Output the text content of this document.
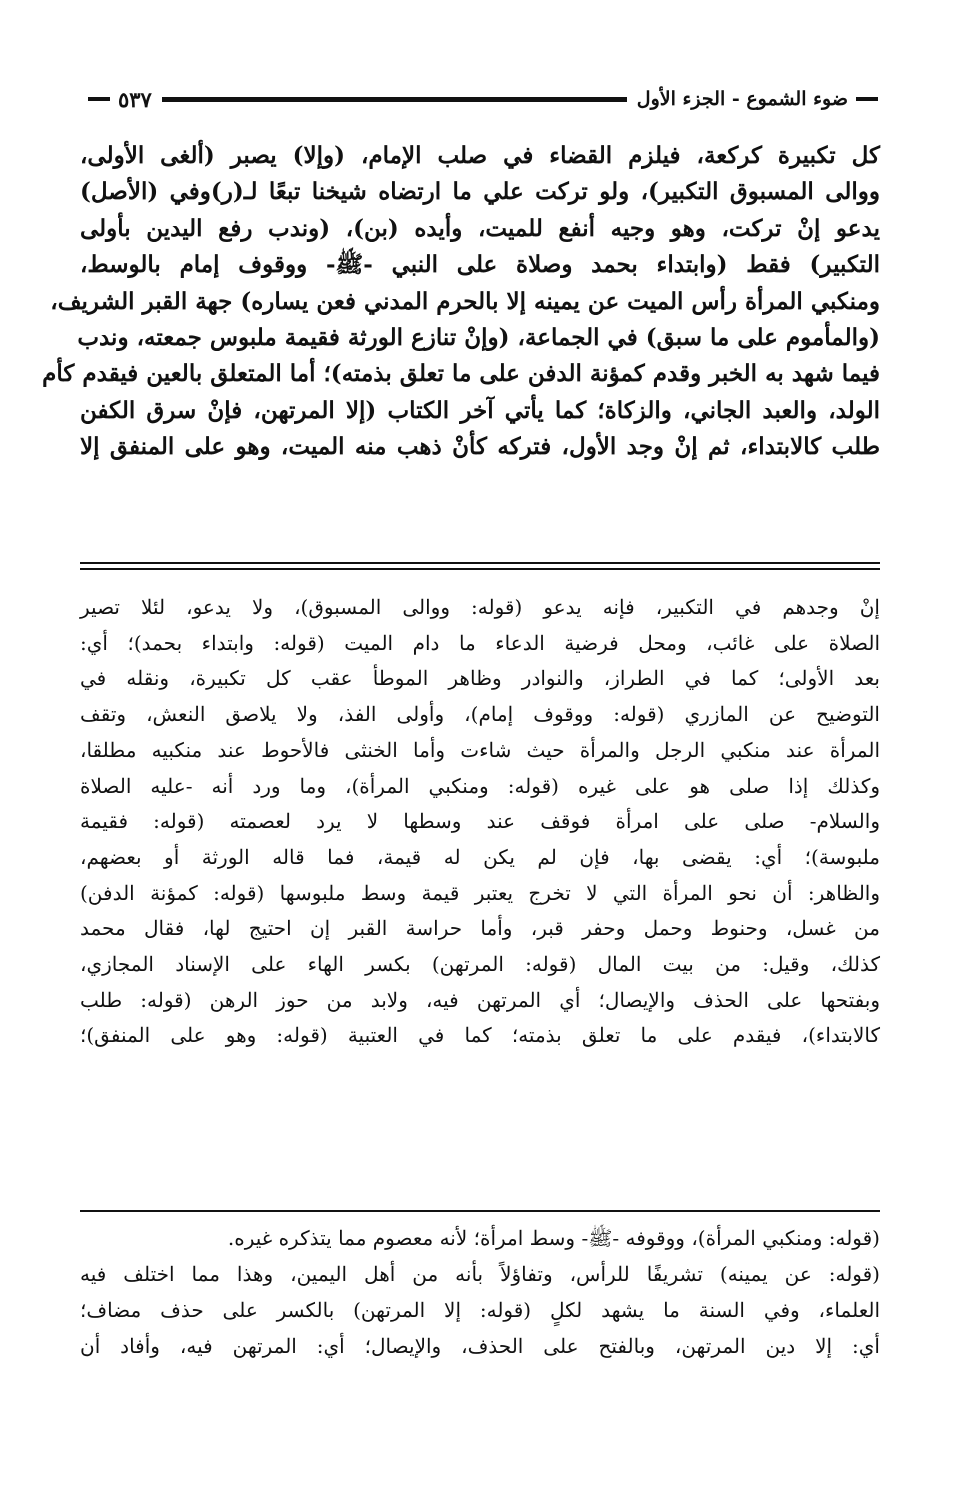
ضوء الشموع - الجزء الأول
٥٣٧
كل تكبيرة كركعة، فيلزم القضاء في صلب الإمام، (وإلا) يصبر (ألغى الأولى،
ووالى المسبوق التكبير)، ولو تركت علي ما ارتضاه شيخنا تبعًا لـ(ر)وفي (الأصل)
يدعو إنْ تركت، وهو وجيه أنفع للميت، وأيده (بن)، (وندب رفع اليدين بأولى
التكبير) فقط (وابتداء بحمد وصلاة على النبي -ﷺ- ووقوف إمام بالوسط،
ومنكبي المرأة رأس الميت عن يمينه إلا بالحرم المدني فعن يساره) جهة القبر الشريف،
(والمأموم على ما سبق) في الجماعة، (وإنْ تنازع الورثة فقيمة ملبوس جمعته، وندب
فيما شهد به الخبر وقدم كمؤنة الدفن على ما تعلق بذمته)؛ أما المتعلق بالعين فيقدم كأم
الولد، والعبد الجاني، والزكاة؛ كما يأتي آخر الكتاب (إلا المرتهن، فإنْ سرق الكفن
طلب كالابتداء، ثم إنْ وجد الأول، فتركه كأنْ ذهب منه الميت، وهو على المنفق إلا
إنْ وجدهم في التكبير، فإنه يدعو (قوله: ووالى المسبوق)، ولا يدعو، لئلا تصير
الصلاة على غائب، ومحل فرضية الدعاء ما دام الميت (قوله: وابتداء بحمد)؛ أي:
بعد الأولى؛ كما في الطراز، والنوادر وظاهر الموطأ عقب كل تكبيرة، ونقله في
التوضيح عن المازري (قوله: ووقوف إمام)، وأولى الفذ، ولا يلاصق النعش، وتقف
المرأة عند منكبي الرجل والمرأة حيث شاءت وأما الخنثى فالأحوط عند منكبيه مطلقا،
وكذلك إذا صلى هو على غيره (قوله: ومنكبي المرأة)، وما ورد أنه -عليه الصلاة
والسلام- صلى على امرأة فوقف عند وسطها لا يرد لعصمته (قوله: فقيمة
ملبوسة)؛ أي: يقضى بها، فإن لم يكن له قيمة، فما قاله الورثة أو بعضهم،
والظاهر: أن نحو المرأة التي لا تخرج يعتبر قيمة وسط ملبوسها (قوله: كمؤنة الدفن)
من غسل، وحنوط وحمل وحفر قبر، وأما حراسة القبر إن احتيج لها، فقال محمد
كذلك، وقيل: من بيت المال (قوله: المرتهن) بكسر الهاء على الإسناد المجازي،
وبفتحها على الحذف والإيصال؛ أي المرتهن فيه، ولابد من حوز الرهن (قوله: طلب
كالابتداء)، فيقدم على ما تعلق بذمته؛ كما في العتبية (قوله: وهو على المنفق)؛
(قوله: ومنكبي المرأة)، ووقوفه -ﷺ- وسط امرأة؛ لأنه معصوم مما يتذكره غيره.
(قوله: عن يمينه) تشريفًا للرأس، وتفاؤلاً بأنه من أهل اليمين، وهذا مما اختلف فيه
العلماء، وفي السنة ما يشهد لكلٍ (قوله: إلا المرتهن) بالكسر على حذف مضاف؛
أي: إلا دين المرتهن، وبالفتح على الحذف، والإيصال؛ أي: المرتهن فيه، وأفاد أن
